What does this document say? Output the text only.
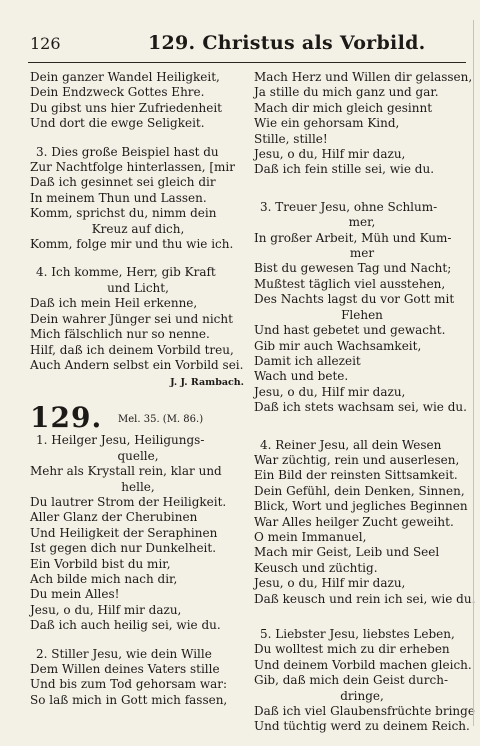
126	129. Christus als Vorbild.
Dein ganzer Wandel Heiligkeit,
Dein Endzweck Gottes Ehre.
Du gibst uns hier Zufriedenheit
Und dort die ewge Seligkeit.
3. Dies große Beispiel hast du
Zur Nachtfolge hinterlassen, [mir
Daß ich gesinnet sei gleich dir
In meinem Thun und Lassen.
Komm, sprichst du, nimm dein
Kreuz auf dich,
Komm, folge mir und thu wie ich.
4. Ich komme, Herr, gib Kraft
und Licht,
Daß ich mein Heil erkenne,
Dein wahrer Jünger sei und nicht
Mich fälschlich nur so nenne.
Hilf, daß ich deinem Vorbild treu,
Auch Andern selbst ein Vorbild sei.
J. J. Rambach.
129. Mel. 35. (M. 86.)
1. Heilger Jesu, Heiligungs-
quelle,
Mehr als Krystall rein, klar und
helle,
Du lautrer Strom der Heiligkeit.
Aller Glanz der Cherubinen
Und Heiligkeit der Seraphinen
Ist gegen dich nur Dunkelheit.
Ein Vorbild bist du mir,
Ach bilde mich nach dir,
Du mein Alles!
Jesu, o du, Hilf mir dazu,
Daß ich auch heilig sei, wie du.
2. Stiller Jesu, wie dein Wille
Dem Willen deines Vaters stille
Und bis zum Tod gehorsam war:
So laß mich in Gott mich fassen,
Mach Herz und Willen dir gelassen,
Ja stille du mich ganz und gar.
Mach dir mich gleich gesinnt
Wie ein gehorsam Kind,
Stille, stille!
Jesu, o du, Hilf mir dazu,
Daß ich fein stille sei, wie du.
3. Treuer Jesu, ohne Schlum-
mer,
In großer Arbeit, Müh und Kum-
mer
Bist du gewesen Tag und Nacht;
Mußtest täglich viel ausstehen,
Des Nachts lagst du vor Gott mit
Flehen
Und hast gebetet und gewacht.
Gib mir auch Wachsamkeit,
Damit ich allezeit
Wach und bete.
Jesu, o du, Hilf mir dazu,
Daß ich stets wachsam sei, wie du.
4. Reiner Jesu, all dein Wesen
War züchtig, rein und auserlesen,
Ein Bild der reinsten Sittsamkeit.
Dein Gefühl, dein Denken, Sinnen,
Blick, Wort und jegliches Beginnen
War Alles heilger Zucht geweiht.
O mein Immanuel,
Mach mir Geist, Leib und Seel
Keusch und züchtig.
Jesu, o du, Hilf mir dazu,
Daß keusch und rein ich sei, wie du.
5. Liebster Jesu, liebstes Leben,
Du wolltest mich zu dir erheben
Und deinem Vorbild machen gleich.
Gib, daß mich dein Geist durch-
dringe,
Daß ich viel Glaubensfrüchte bringe
Und tüchtig werd zu deinem Reich.
